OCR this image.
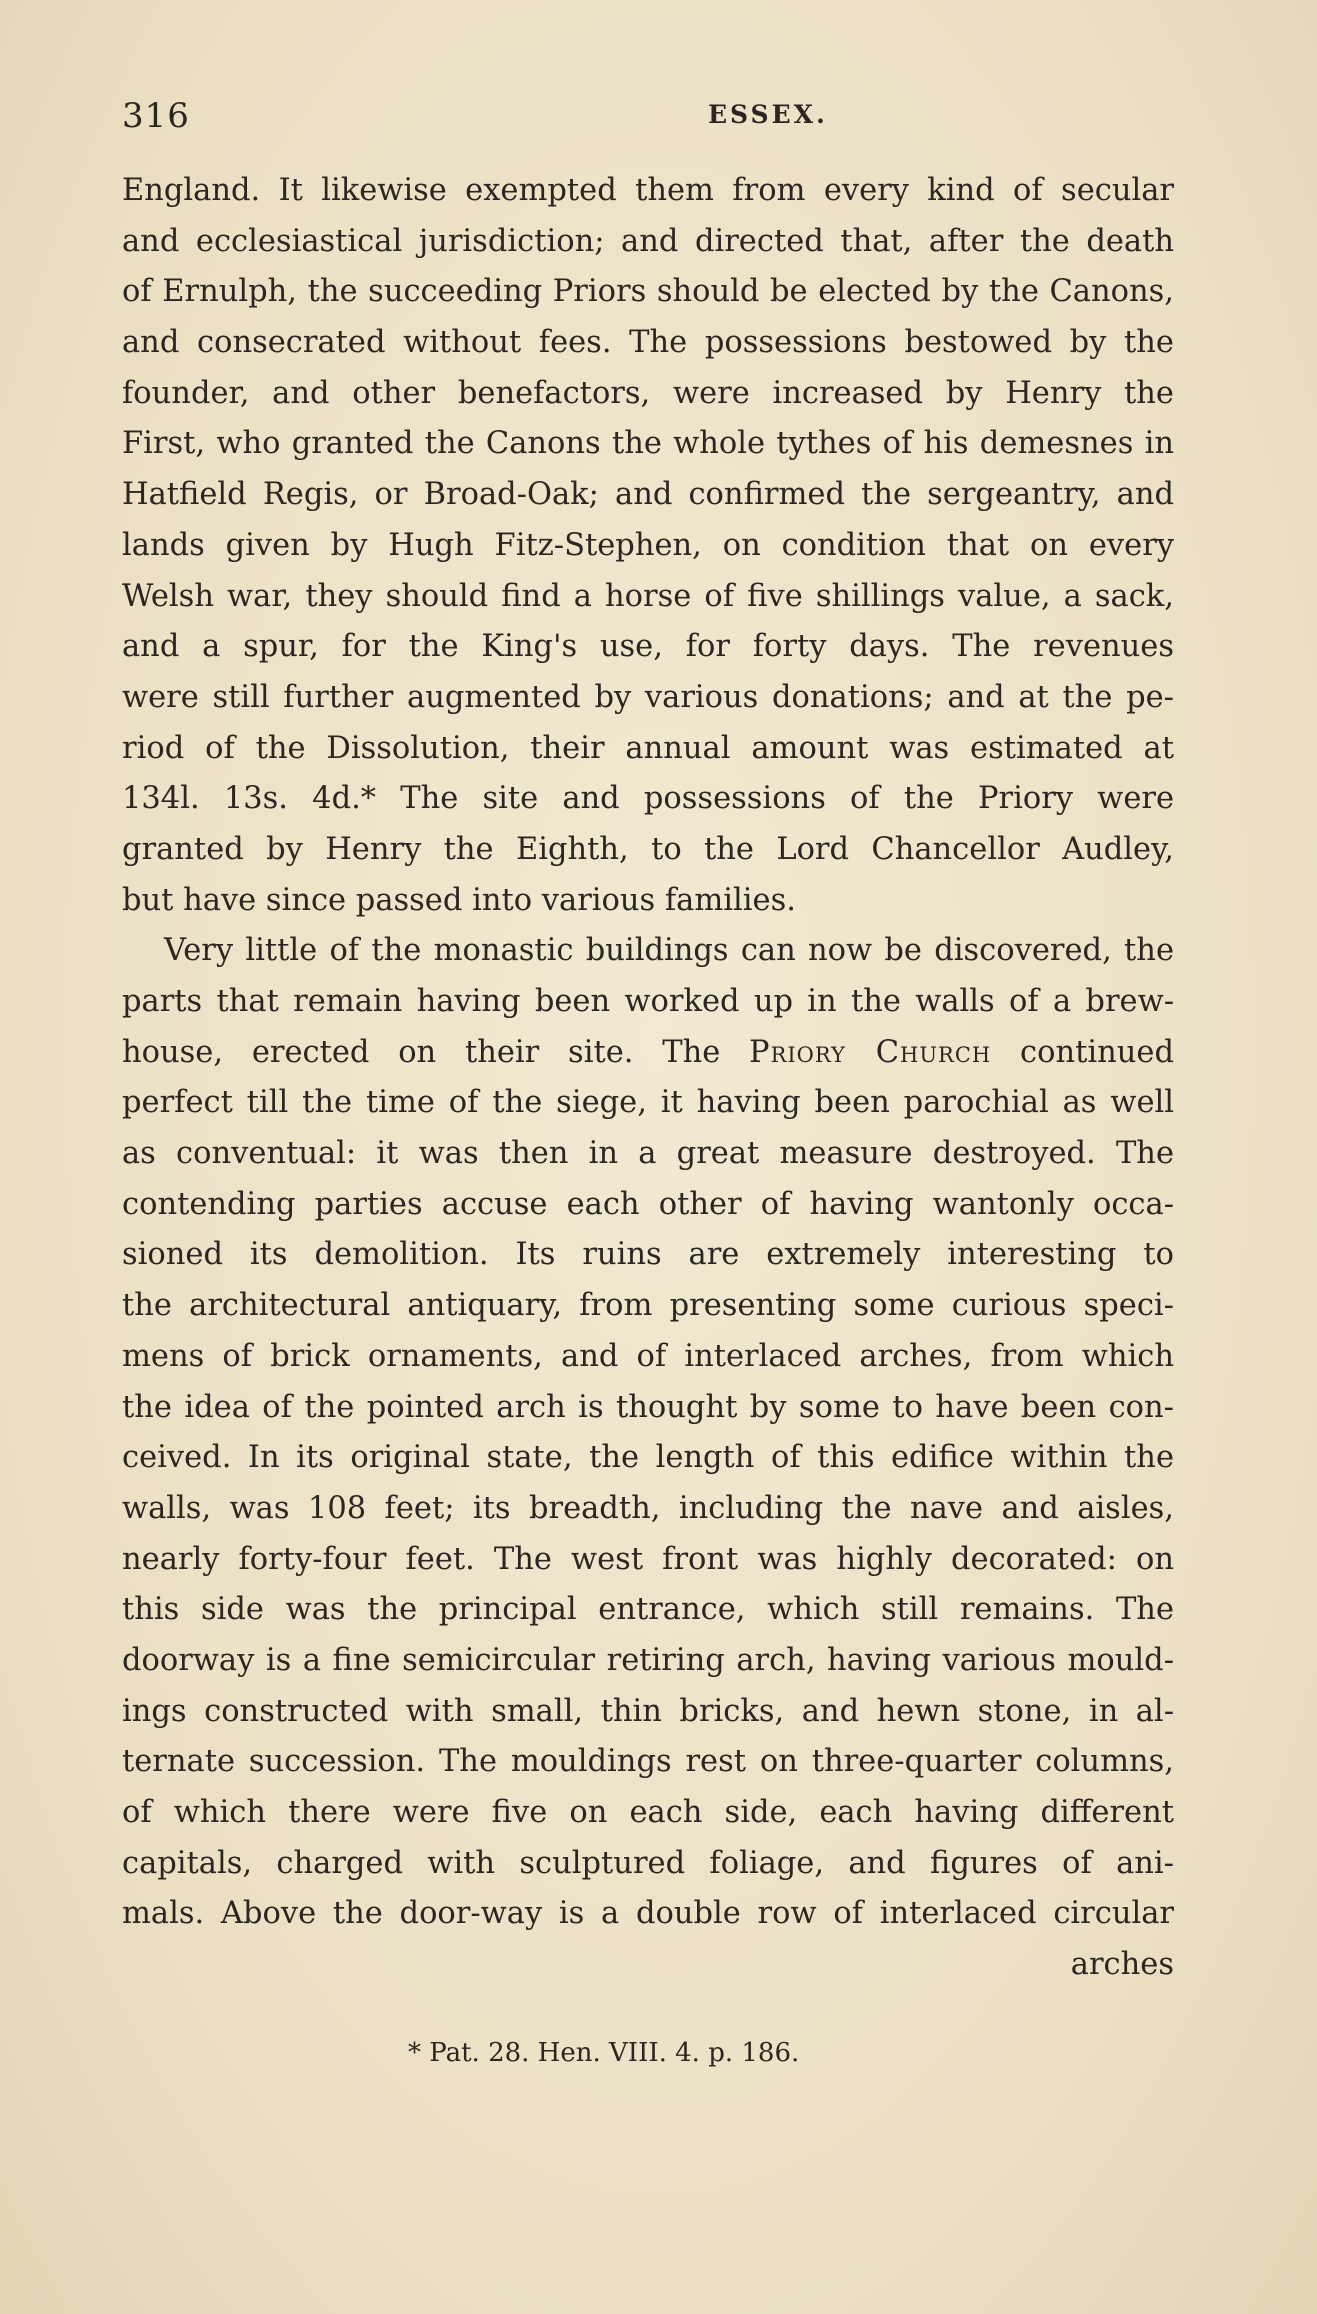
316	ESSEX.
England. It likewise exempted them from every kind of secular
and ecclesiastical jurisdiction; and directed that, after the death
of Ernulph, the succeeding Priors should be elected by the Canons,
and consecrated without fees. The possessions bestowed by the
founder, and other benefactors, were increased by Henry the
First, who granted the Canons the whole tythes of his demesnes in
Hatfield Regis, or Broad-Oak; and confirmed the sergeantry, and
lands given by Hugh Fitz-Stephen, on condition that on every
Welsh war, they should find a horse of five shillings value, a sack,
and a spur, for the King's use, for forty days. The revenues
were still further augmented by various donations; and at the pe-
riod of the Dissolution, their annual amount was estimated at
134l. 13s. 4d.* The site and possessions of the Priory were
granted by Henry the Eighth, to the Lord Chancellor Audley,
but have since passed into various families.
Very little of the monastic buildings can now be discovered, the
parts that remain having been worked up in the walls of a brew-
house, erected on their site. The Priory Church continued
perfect till the time of the siege, it having been parochial as well
as conventual: it was then in a great measure destroyed. The
contending parties accuse each other of having wantonly occa-
sioned its demolition. Its ruins are extremely interesting to
the architectural antiquary, from presenting some curious speci-
mens of brick ornaments, and of interlaced arches, from which
the idea of the pointed arch is thought by some to have been con-
ceived. In its original state, the length of this edifice within the
walls, was 108 feet; its breadth, including the nave and aisles,
nearly forty-four feet. The west front was highly decorated: on
this side was the principal entrance, which still remains. The
doorway is a fine semicircular retiring arch, having various mould-
ings constructed with small, thin bricks, and hewn stone, in al-
ternate succession. The mouldings rest on three-quarter columns,
of which there were five on each side, each having different
capitals, charged with sculptured foliage, and figures of ani-
mals. Above the door-way is a double row of interlaced circular
arches
* Pat. 28. Hen. VIII. 4. p. 186.
